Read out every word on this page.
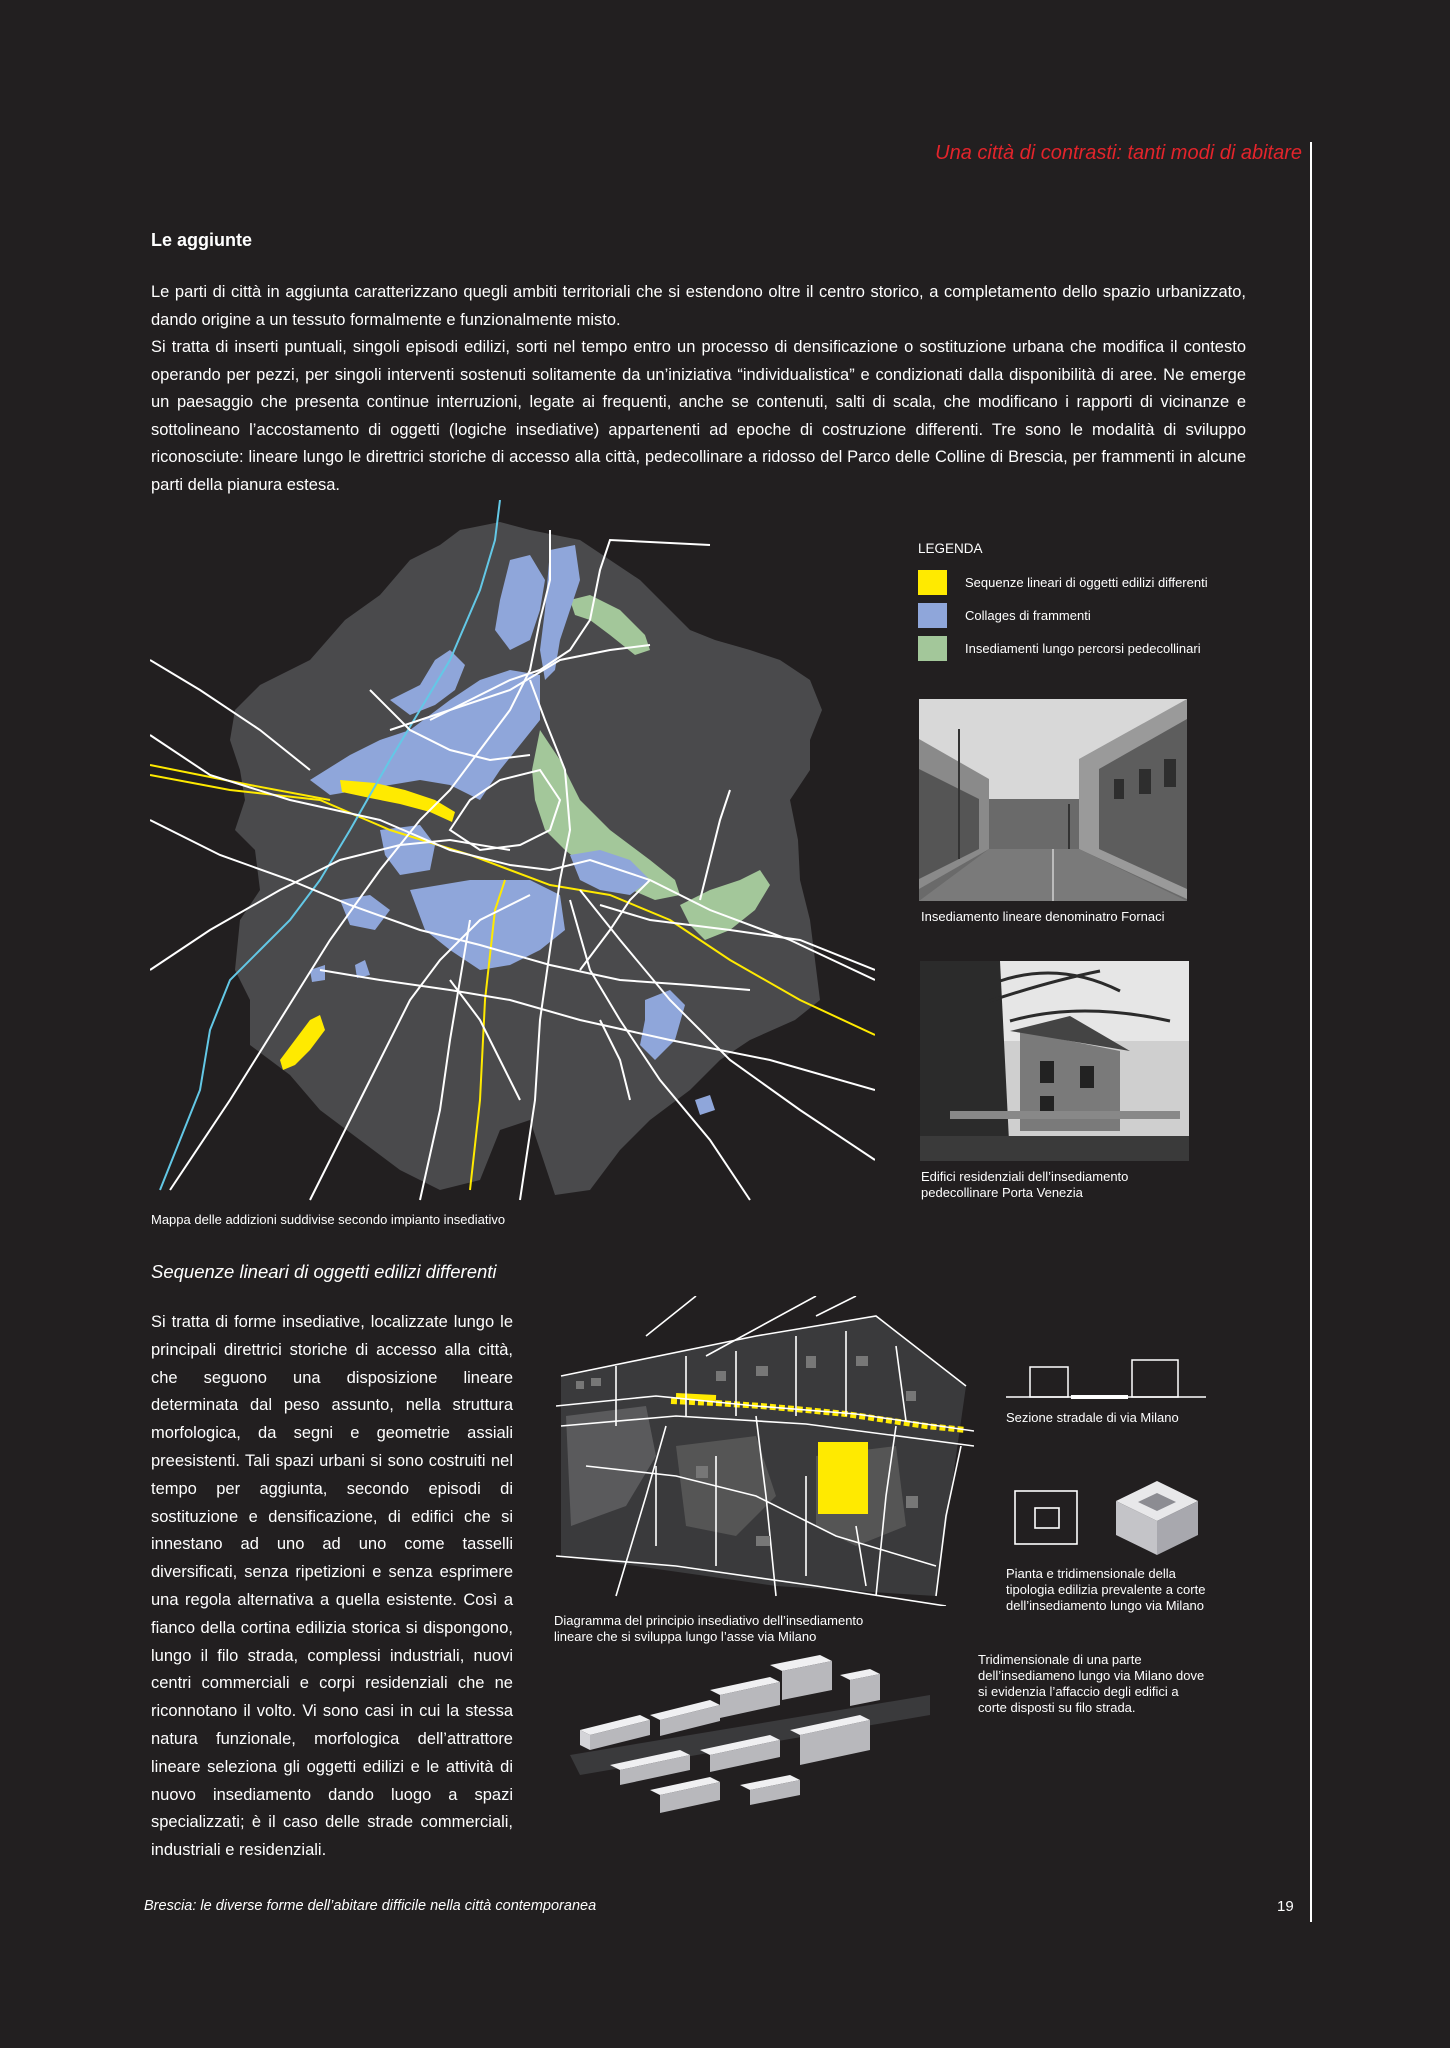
Una città di contrasti: tanti modi di abitare
Le aggiunte

Le parti di città in aggiunta caratterizzano quegli ambiti territoriali che si estendono oltre il centro storico, a completamento dello spazio urbanizzato, dando origine a un tessuto formalmente e funzionalmente misto.

Si tratta di inserti puntuali, singoli episodi edilizi, sorti nel tempo entro un processo di densificazione o sostituzione urbana che modifica il contesto operando per pezzi, per singoli interventi sostenuti solitamente da un’iniziativa “individualistica” e condizionati dalla disponibilità di aree. Ne emerge un paesaggio che presenta continue interruzioni, legate ai frequenti, anche se contenuti, salti di scala, che modificano i rapporti di vicinanze e sottolineano l’accostamento di oggetti (logiche insediative) appartenenti ad epoche di costruzione differenti. Tre sono le modalità di sviluppo riconosciute: lineare lungo le direttrici storiche di accesso alla città, pedecollinare a ridosso del Parco delle Colline di Brescia, per frammenti in alcune parti della pianura estesa.

Mappa delle addizioni suddivise secondo impianto insediativo
LEGENDA
Sequenze lineari di oggetti edilizi differenti
Collages di frammenti
Insediamenti lungo percorsi pedecollinari
Insediamento lineare denominatro Fornaci
Edifici residenziali dell’insediamento pedecollinare Porta Venezia
Sequenze lineari di oggetti edilizi differenti
Si tratta di forme insediative, localizzate lungo le principali direttrici storiche di accesso alla città, che seguono una disposizione lineare determinata dal peso assunto, nella struttura morfologica, da segni e geometrie assiali preesistenti. Tali spazi urbani si sono costruiti nel tempo per aggiunta, secondo episodi di sostituzione e densificazione, di edifici che si innestano ad uno ad uno come tasselli diversificati, senza ripetizioni e senza esprimere una regola alternativa a quella esistente. Così a fianco della cortina edilizia storica si dispongono, lungo il filo strada, complessi industriali, nuovi centri commerciali e corpi residenziali che ne riconnotano il volto. Vi sono casi in cui la stessa natura funzionale, morfologica dell’attrattore lineare seleziona gli oggetti edilizi e le attività di nuovo insediamento dando luogo a spazi specializzati; è il caso delle strade commerciali, industriali e residenziali.
Diagramma del principio insediativo dell’insediamento lineare che si sviluppa lungo l’asse via Milano
Sezione stradale di via Milano
Pianta e tridimensionale della tipologia edilizia prevalente a corte dell’insediamento lungo via Milano
Tridimensionale di una parte dell’insediameno lungo via Milano dove si evidenzia l’affaccio degli edifici a corte disposti su filo strada.
Brescia: le diverse forme dell’abitare difficile nella città contemporanea	19
